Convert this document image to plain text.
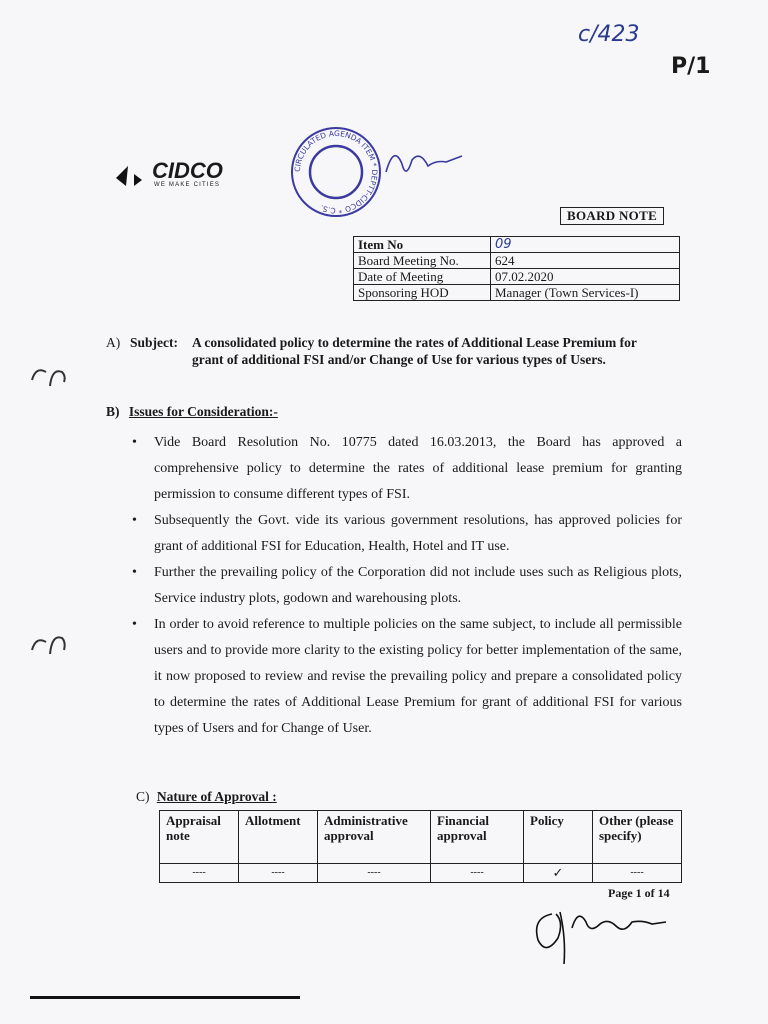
c/423
P/1
CIDCO
WE MAKE CITIES
CIRCULATED AGENDA ITEM * DEPTT-CIDCO * C.S.
BOARD NOTE
Item No	09
Board Meeting No.	624
Date of Meeting	07.02.2020
Sponsoring HOD	Manager (Town Services-I)
A) Subject: A consolidated policy to determine the rates of Additional Lease Premium for grant of additional FSI and/or Change of Use for various types of Users.
B) Issues for Consideration:-
• Vide Board Resolution No. 10775 dated 16.03.2013, the Board has approved a comprehensive policy to determine the rates of additional lease premium for granting permission to consume different types of FSI.
• Subsequently the Govt. vide its various government resolutions, has approved policies for grant of additional FSI for Education, Health, Hotel and IT use.
• Further the prevailing policy of the Corporation did not include uses such as Religious plots, Service industry plots, godown and warehousing plots.
• In order to avoid reference to multiple policies on the same subject, to include all permissible users and to provide more clarity to the existing policy for better implementation of the same, it now proposed to review and revise the prevailing policy and prepare a consolidated policy to determine the rates of Additional Lease Premium for grant of additional FSI for various types of Users and for Change of User.
C) Nature of Approval :
Appraisal note	Allotment	Administrative approval	Financial approval	Policy	Other (please specify)
----	----	----	----	✓	----
Page 1 of 14
